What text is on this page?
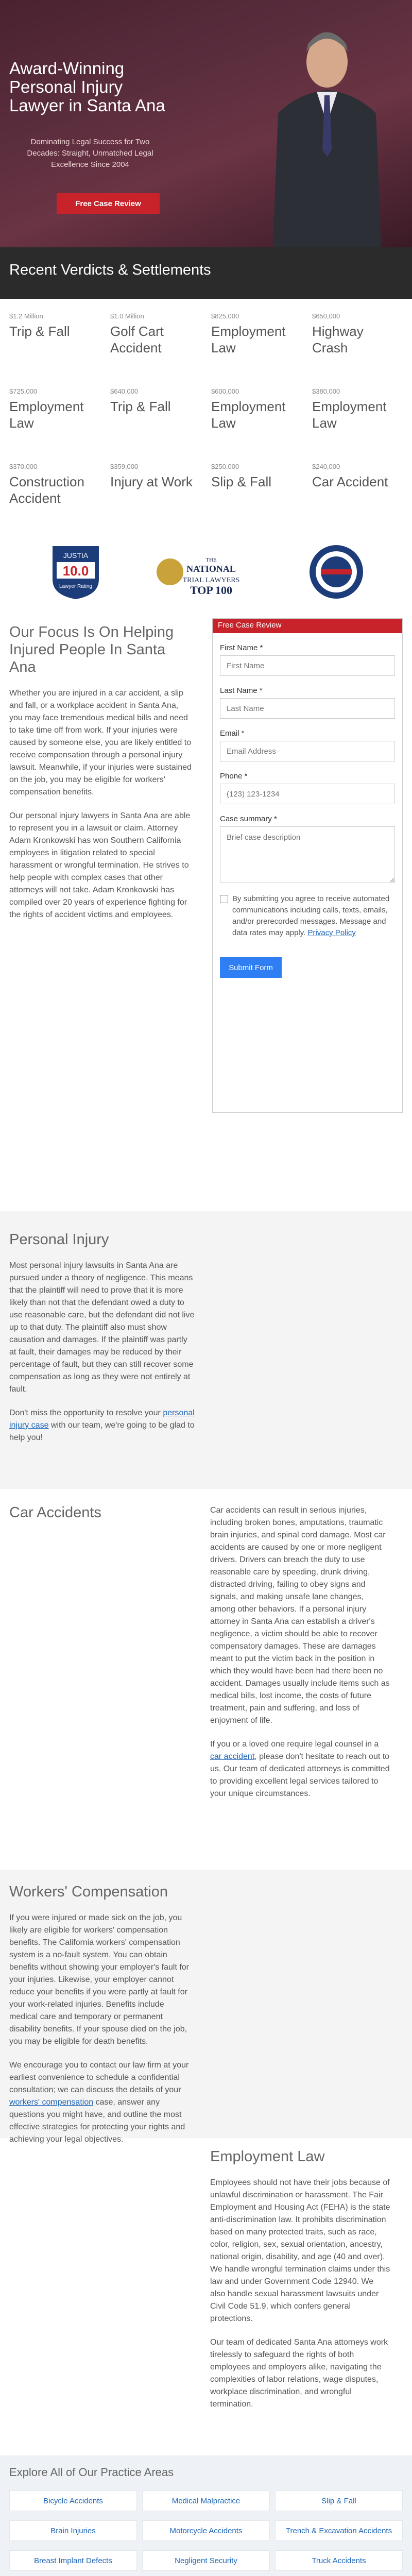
Award-Winning Personal Injury Lawyer in Santa Ana
Dominating Legal Success for Two Decades: Straight, Unmatched Legal Excellence Since 2004
Free Case Review
Recent Verdicts & Settlements
$1.2 Million
Trip & Fall
$1.0 Million
Golf Cart Accident
$825,000
Employment Law
$650,000
Highway Crash
$725,000
Employment Law
$640,000
Trip & Fall
$600,000
Employment Law
$380,000
Employment Law
$370,000
Construction Accident
$359,000
Injury at Work
$250,000
Slip & Fall
$240,000
Car Accident
JUSTIA
10.0
Lawyer Rating
THE
NATIONAL
TRIAL LAWYERS
TOP 100
Our Focus Is On Helping Injured People In Santa Ana

Whether you are injured in a car accident, a slip and fall, or a workplace accident in Santa Ana, you may face tremendous medical bills and need to take time off from work. If your injuries were caused by someone else, you are likely entitled to receive compensation through a personal injury lawsuit. Meanwhile, if your injuries were sustained on the job, you may be eligible for workers' compensation benefits.

Our personal injury lawyers in Santa Ana are able to represent you in a lawsuit or claim. Attorney Adam Kronkowski has won Southern California employees in litigation related to special harassment or wrongful termination. He strives to help people with complex cases that other attorneys will not take. Adam Kronkowski has compiled over 20 years of experience fighting for the rights of accident victims and employees.

Free Case Review
First Name *
First Name
Last Name *
Last Name
Email *
Email Address
Phone *
(123) 123-1234
Case summary *
Brief case description
By submitting you agree to receive automated communications including calls, texts, emails, and/or prerecorded messages. Message and data rates may apply. Privacy Policy
Submit Form
Personal Injury

Most personal injury lawsuits in Santa Ana are pursued under a theory of negligence. This means that the plaintiff will need to prove that it is more likely than not that the defendant owed a duty to use reasonable care, but the defendant did not live up to that duty. The plaintiff also must show causation and damages. If the plaintiff was partly at fault, their damages may be reduced by their percentage of fault, but they can still recover some compensation as long as they were not entirely at fault.

Don't miss the opportunity to resolve your personal injury case with our team, we're going to be glad to help you!

Car Accidents	Car accidents can result in serious injuries, including broken bones, amputations, traumatic brain injuries, and spinal cord damage. Most car accidents are caused by one or more negligent drivers. Drivers can breach the duty to use reasonable care by speeding, drunk driving, distracted driving, failing to obey signs and signals, and making unsafe lane changes, among other behaviors. If a personal injury attorney in Santa Ana can establish a driver's negligence, a victim should be able to recover compensatory damages. These are damages meant to put the victim back in the position in which they would have been had there been no accident. Damages usually include items such as medical bills, lost income, the costs of future treatment, pain and suffering, and loss of enjoyment of life.

If you or a loved one require legal counsel in a car accident, please don't hesitate to reach out to us. Our team of dedicated attorneys is committed to providing excellent legal services tailored to your unique circumstances.

Workers' Compensation

If you were injured or made sick on the job, you likely are eligible for workers' compensation benefits. The California workers' compensation system is a no-fault system. You can obtain benefits without showing your employer's fault for your injuries. Likewise, your employer cannot reduce your benefits if you were partly at fault for your work-related injuries. Benefits include medical care and temporary or permanent disability benefits. If your spouse died on the job, you may be eligible for death benefits.

We encourage you to contact our law firm at your earliest convenience to schedule a confidential consultation; we can discuss the details of your workers' compensation case, answer any questions you might have, and outline the most effective strategies for protecting your rights and achieving your legal objectives.

Employment Law

Employees should not have their jobs because of unlawful discrimination or harassment. The Fair Employment and Housing Act (FEHA) is the state anti-discrimination law. It prohibits discrimination based on many protected traits, such as race, color, religion, sex, sexual orientation, ancestry, national origin, disability, and age (40 and over). We handle wrongful termination claims under this law and under Government Code 12940. We also handle sexual harassment lawsuits under Civil Code 51.9, which confers general protections.

Our team of dedicated Santa Ana attorneys work tirelessly to safeguard the rights of both employees and employers alike, navigating the complexities of labor relations, wage disputes, workplace discrimination, and wrongful termination.

Explore All of Our Practice Areas
Bicycle Accidents	Medical Malpractice	Slip & Fall
Brain Injuries	Motorcycle Accidents	Trench & Excavation Accidents
Breast Implant Defects	Negligent Security	Truck Accidents
